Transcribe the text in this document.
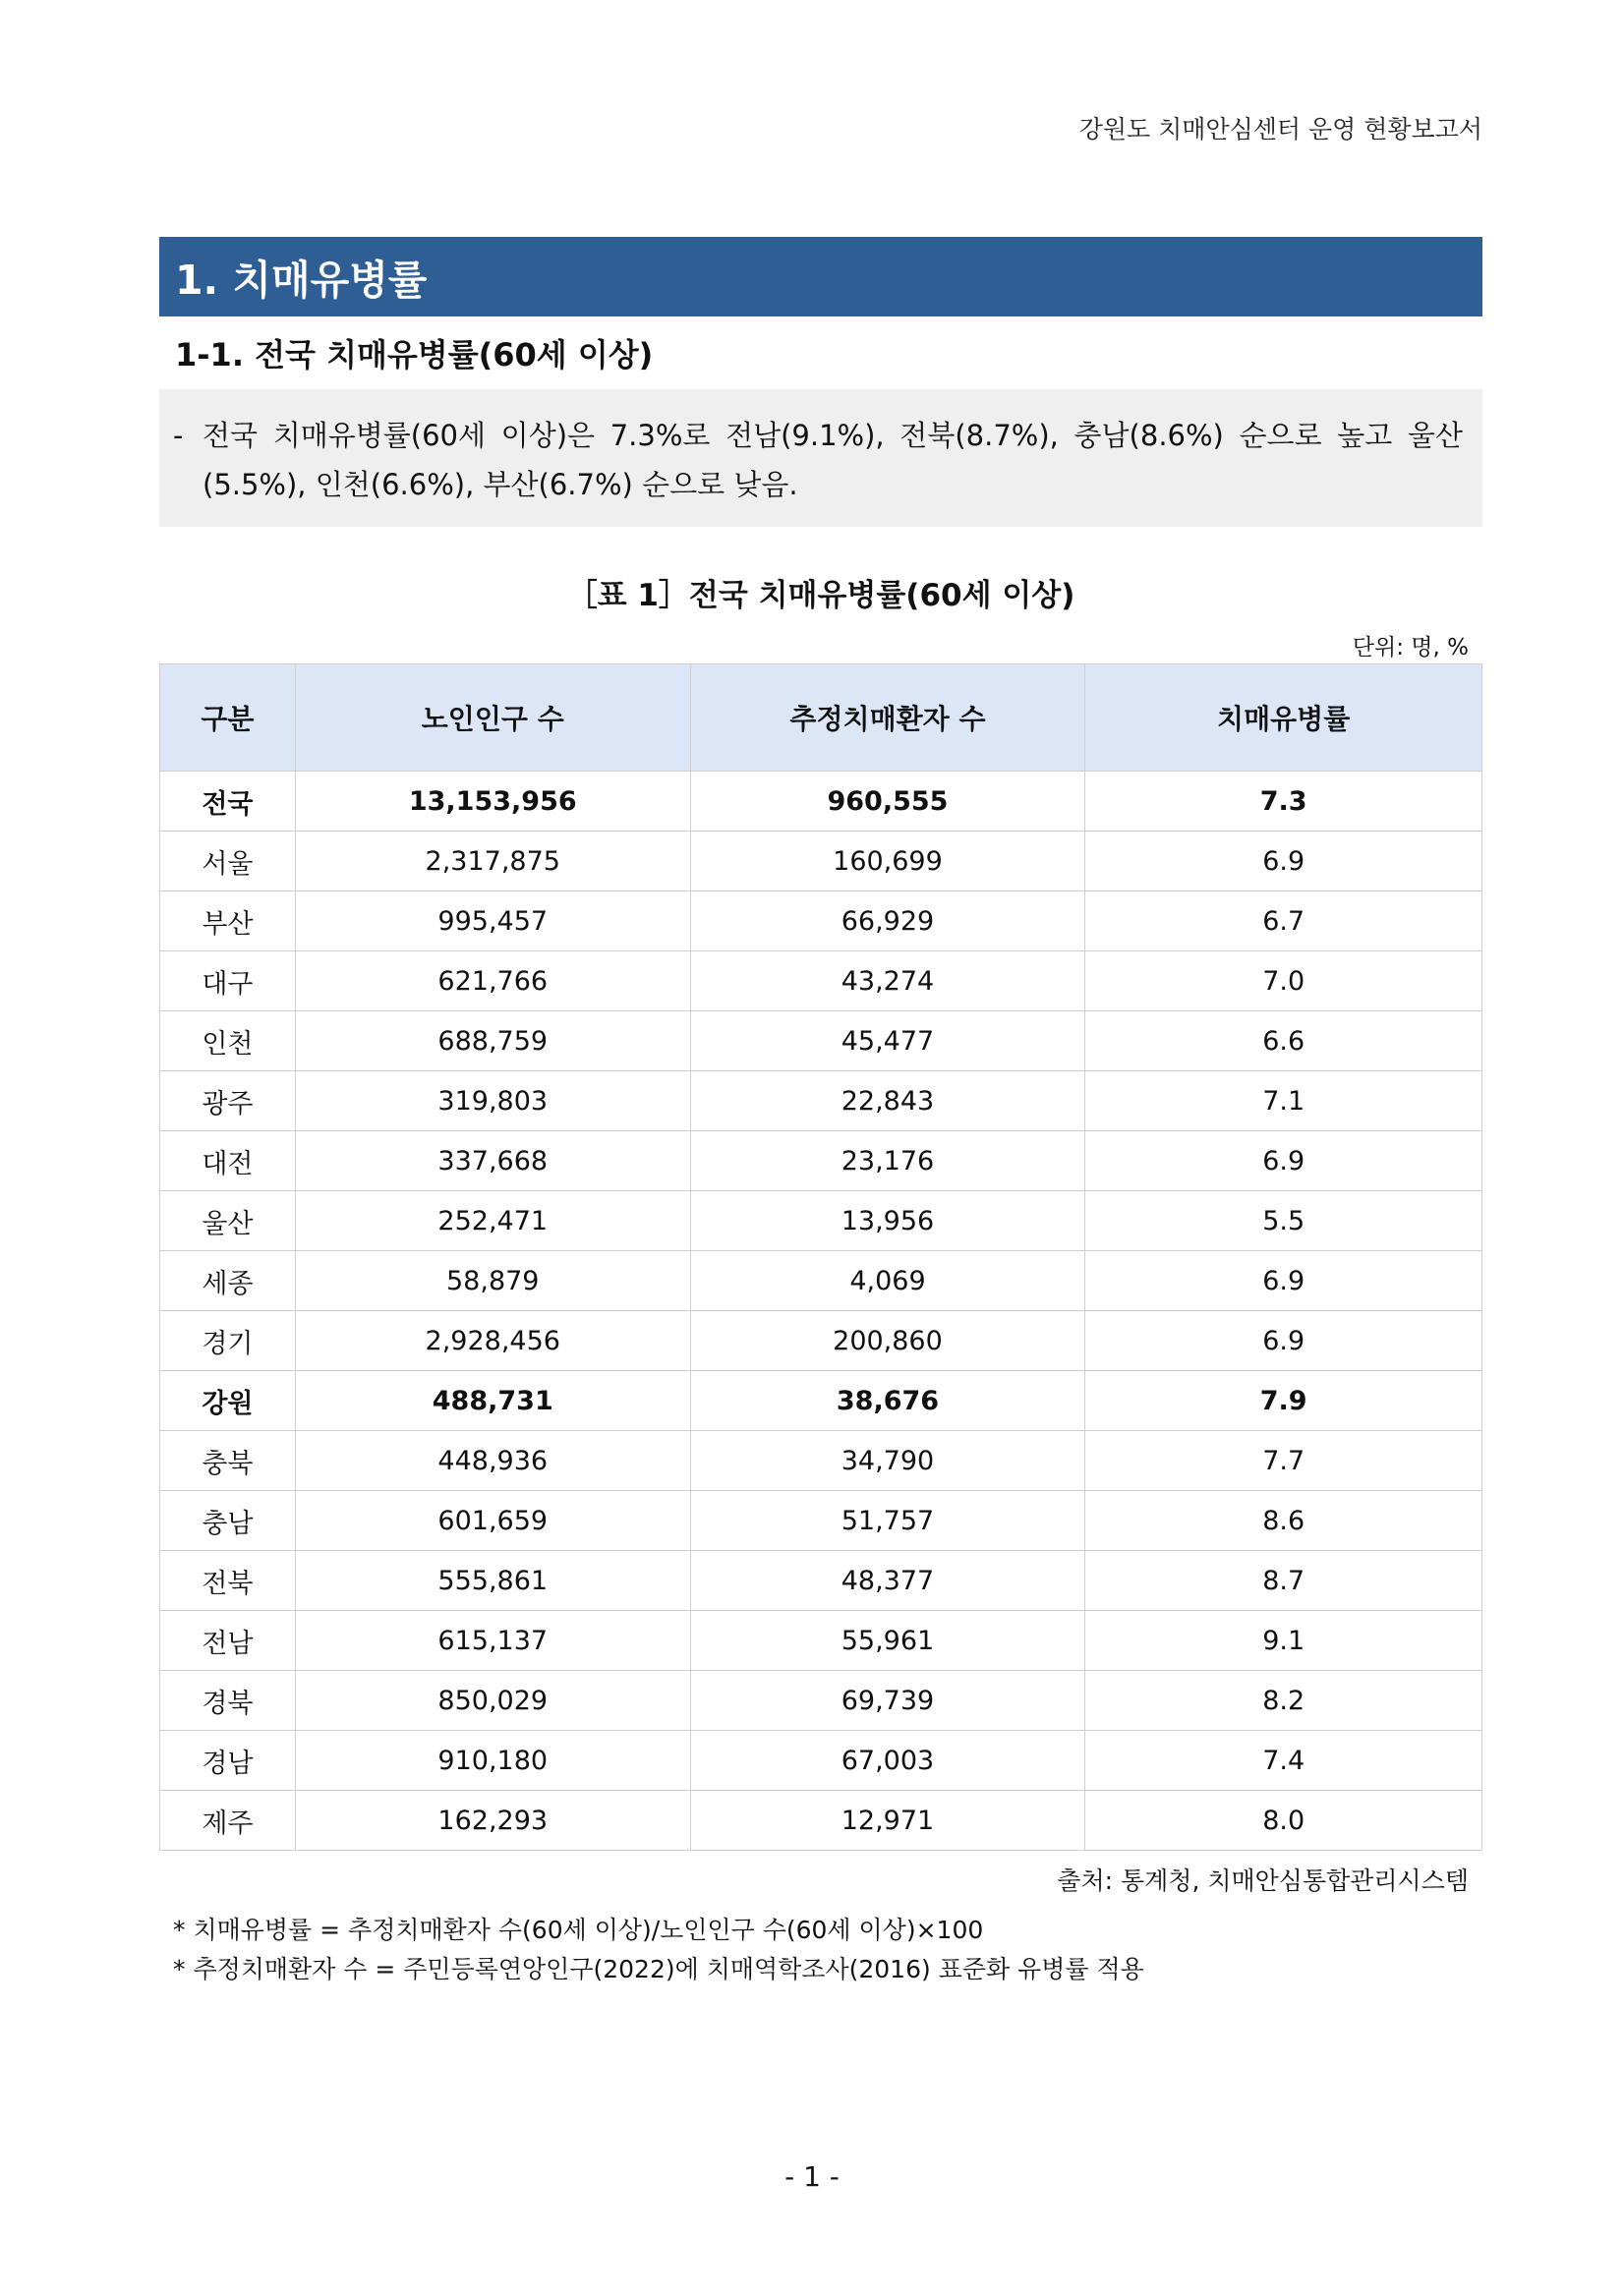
강원도 치매안심센터 운영 현황보고서
1. 치매유병률
1-1. 전국 치매유병률(60세 이상)
- 전국 치매유병률(60세 이상)은 7.3%로 전남(9.1%), 전북(8.7%), 충남(8.6%) 순으로 높고 울산(5.5%), 인천(6.6%), 부산(6.7%) 순으로 낮음.
［표 1］전국 치매유병률(60세 이상)
단위: 명, %
구분	노인인구 수	추정치매환자 수	치매유병률
전국	13,153,956	960,555	7.3
서울	2,317,875	160,699	6.9
부산	995,457	66,929	6.7
대구	621,766	43,274	7.0
인천	688,759	45,477	6.6
광주	319,803	22,843	7.1
대전	337,668	23,176	6.9
울산	252,471	13,956	5.5
세종	58,879	4,069	6.9
경기	2,928,456	200,860	6.9
강원	488,731	38,676	7.9
충북	448,936	34,790	7.7
충남	601,659	51,757	8.6
전북	555,861	48,377	8.7
전남	615,137	55,961	9.1
경북	850,029	69,739	8.2
경남	910,180	67,003	7.4
제주	162,293	12,971	8.0
출처: 통계청, 치매안심통합관리시스템
* 치매유병률 = 추정치매환자 수(60세 이상)/노인인구 수(60세 이상)×100
* 추정치매환자 수 = 주민등록연앙인구(2022)에 치매역학조사(2016) 표준화 유병률 적용
- 1 -
